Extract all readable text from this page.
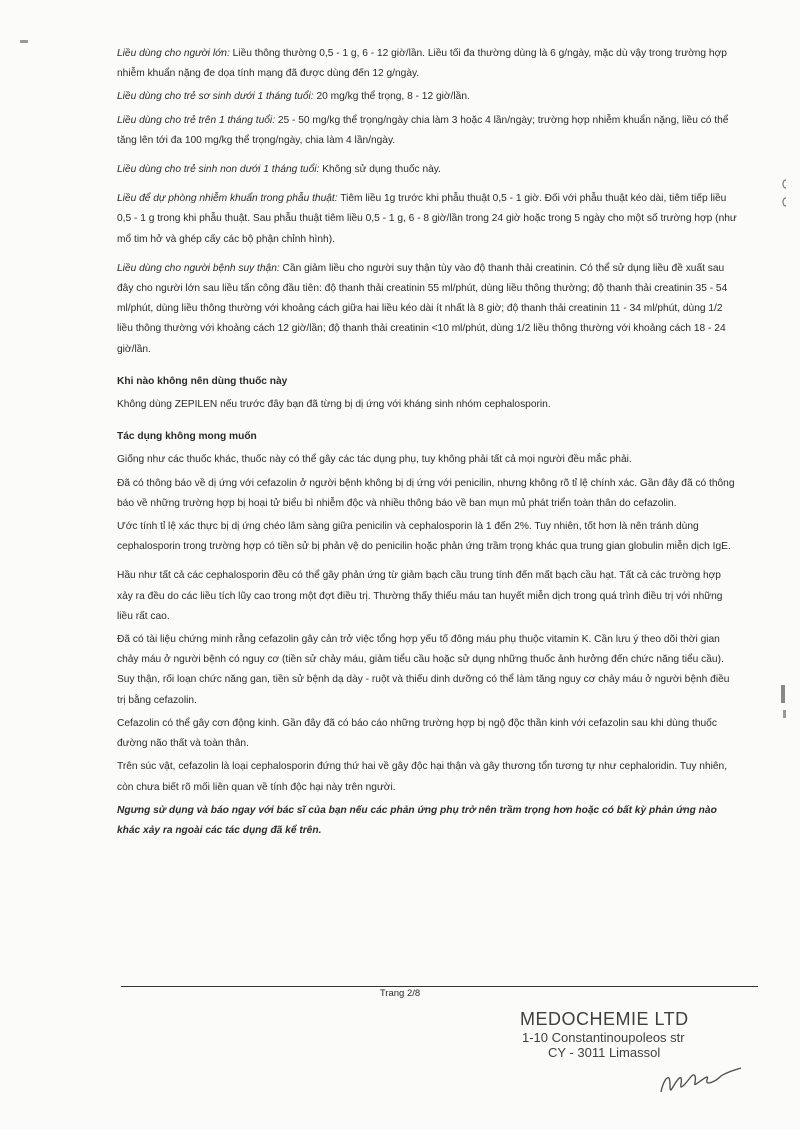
Liều dùng cho người lớn: Liều thông thường 0,5 - 1 g, 6 - 12 giờ/lần. Liều tối đa thường dùng là 6 g/ngày, mặc dù vậy trong trường hợp nhiễm khuẩn nặng đe dọa tính mạng đã được dùng đến 12 g/ngày.

Liều dùng cho trẻ sơ sinh dưới 1 tháng tuổi: 20 mg/kg thể trọng, 8 - 12 giờ/lần.

Liều dùng cho trẻ trên 1 tháng tuổi: 25 - 50 mg/kg thể trọng/ngày chia làm 3 hoặc 4 lần/ngày; trường hợp nhiễm khuẩn nặng, liều có thể tăng lên tới đa 100 mg/kg thể trọng/ngày, chia làm 4 lần/ngày.

Liều dùng cho trẻ sinh non dưới 1 tháng tuổi: Không sử dụng thuốc này.

Liều để dự phòng nhiễm khuẩn trong phẫu thuật: Tiêm liều 1g trước khi phẫu thuật 0,5 - 1 giờ. Đối với phẫu thuật kéo dài, tiêm tiếp liều 0,5 - 1 g trong khi phẫu thuật. Sau phẫu thuật tiêm liều 0,5 - 1 g, 6 - 8 giờ/lần trong 24 giờ hoặc trong 5 ngày cho một số trường hợp (như mổ tim hở và ghép cấy các bộ phận chỉnh hình).

Liều dùng cho người bệnh suy thận: Cần giảm liều cho người suy thận tùy vào độ thanh thải creatinin. Có thể sử dụng liều đề xuất sau đây cho người lớn sau liều tấn công đầu tiên: độ thanh thải creatinin 55 ml/phút, dùng liều thông thường; độ thanh thải creatinin 35 - 54 ml/phút, dùng liều thông thường với khoảng cách giữa hai liều kéo dài ít nhất là 8 giờ; độ thanh thải creatinin 11 - 34 ml/phút, dùng 1/2 liều thông thường với khoảng cách 12 giờ/lần; độ thanh thải creatinin <10 ml/phút, dùng 1/2 liều thông thường với khoảng cách 18 - 24 giờ/lần.

Khi nào không nên dùng thuốc này

Không dùng ZEPILEN nếu trước đây bạn đã từng bị dị ứng với kháng sinh nhóm cephalosporin.

Tác dụng không mong muốn

Giống như các thuốc khác, thuốc này có thể gây các tác dụng phụ, tuy không phải tất cả mọi người đều mắc phải.

Đã có thông báo về dị ứng với cefazolin ở người bệnh không bị dị ứng với penicilin, nhưng không rõ tỉ lệ chính xác. Gần đây đã có thông báo về những trường hợp bị hoại tử biểu bì nhiễm độc và nhiều thông báo về ban mụn mủ phát triển toàn thân do cefazolin.

Ước tính tỉ lệ xác thực bị dị ứng chéo lâm sàng giữa penicilin và cephalosporin là 1 đến 2%. Tuy nhiên, tốt hơn là nên tránh dùng cephalosporin trong trường hợp có tiền sử bị phản vệ do penicilin hoặc phản ứng trầm trọng khác qua trung gian globulin miễn dịch IgE.

Hầu như tất cả các cephalosporin đều có thể gây phản ứng từ giảm bạch cầu trung tính đến mất bạch cầu hạt. Tất cả các trường hợp xảy ra đều do các liều tích lũy cao trong một đợt điều trị. Thường thấy thiếu máu tan huyết miễn dịch trong quá trình điều trị với những liều rất cao.

Đã có tài liệu chứng minh rằng cefazolin gây cản trở việc tổng hợp yếu tố đông máu phụ thuộc vitamin K. Cần lưu ý theo dõi thời gian chảy máu ở người bệnh có nguy cơ (tiền sử chảy máu, giảm tiểu cầu hoặc sử dụng những thuốc ảnh hưởng đến chức năng tiểu cầu). Suy thận, rối loạn chức năng gan, tiền sử bệnh dạ dày - ruột và thiếu dinh dưỡng có thể làm tăng nguy cơ chảy máu ở người bệnh điều trị bằng cefazolin.

Cefazolin có thể gây cơn động kinh. Gần đây đã có báo cáo những trường hợp bị ngộ độc thần kinh với cefazolin sau khi dùng thuốc đường não thất và toàn thân.

Trên súc vật, cefazolin là loại cephalosporin đứng thứ hai về gây độc hại thận và gây thương tổn tương tự như cephaloridin. Tuy nhiên, còn chưa biết rõ mối liên quan về tính độc hại này trên người.

Ngưng sử dụng và báo ngay với bác sĩ của bạn nếu các phản ứng phụ trở nên trầm trọng hơn hoặc có bất kỳ phản ứng nào khác xảy ra ngoài các tác dụng đã kể trên.

Trang 2/8
MEDOCHEMIE LTD
1-10 Constantinoupoleos str
CY - 3011 Limassol
